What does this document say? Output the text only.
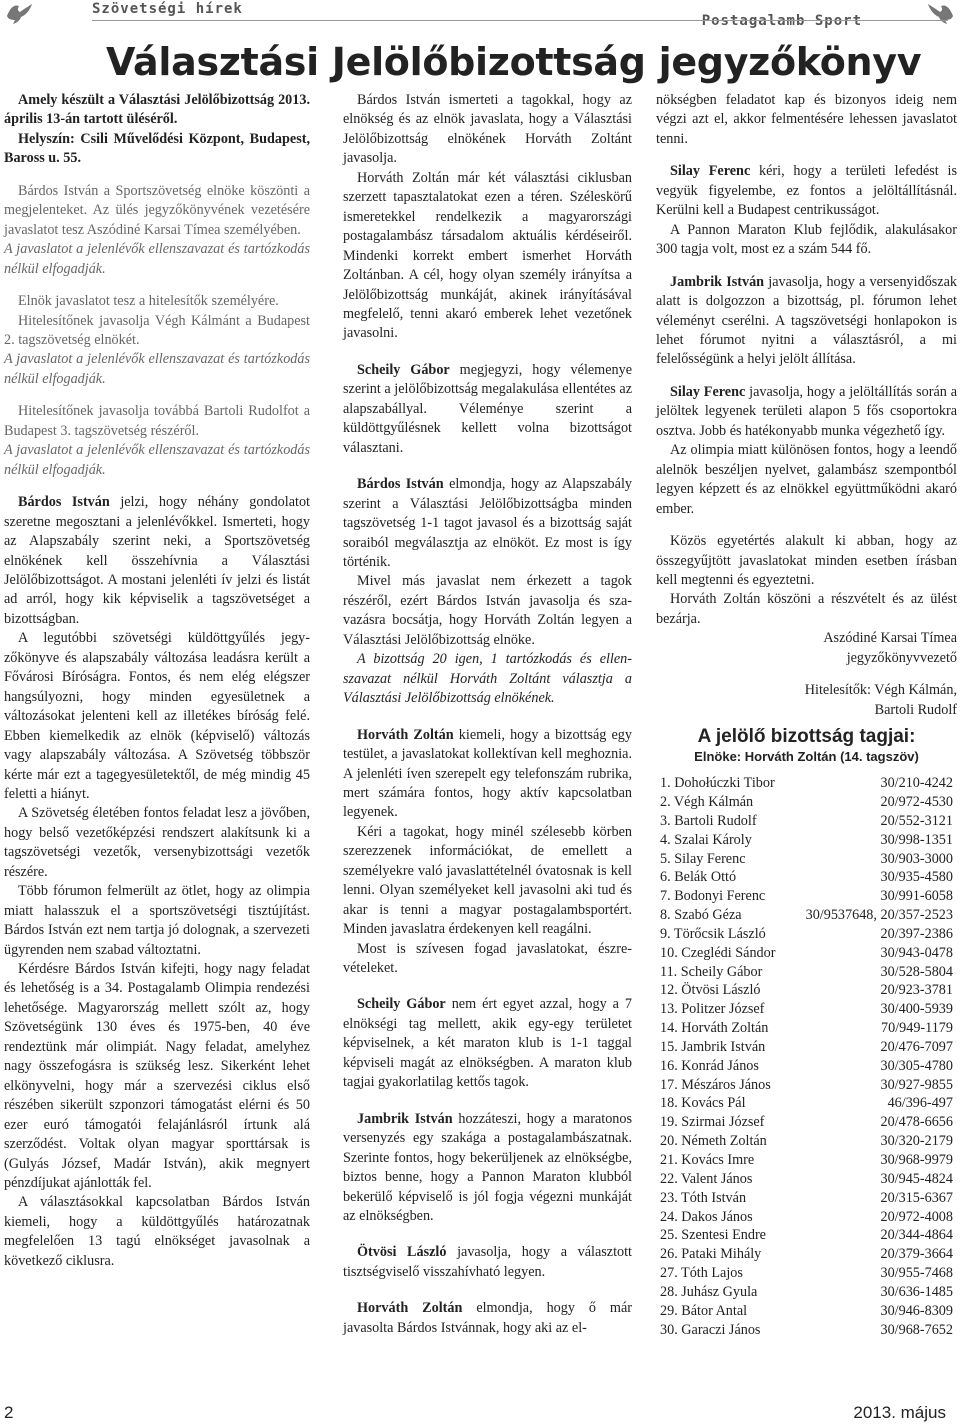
Szövetségi hírek
Postagalamb Sport
Választási Jelölőbizottság jegyzőkönyv

Amely készült a Választási Jelölőbizottság 2013. április 13-án tartott üléséről.

Helyszín: Csili Művelődési Központ, Budapest, Baross u. 55.

Bárdos István a Sportszövetség elnöke köszönti a megjelenteket. Az ülés jegyzőkönyvének vezetésére javaslatot tesz Aszódiné Karsai Tímea személyében.

A javaslatot a jelenlévők ellenszavazat és tartózkodás nélkül elfogadják.

Elnök javaslatot tesz a hitelesítők személyére.

Hitelesítőnek javasolja Végh Kálmánt a Budapest 2. tagszövetség elnökét.

A javaslatot a jelenlévők ellenszavazat és tartózkodás nélkül elfogadják.

Hitelesítőnek javasolja továbbá Bartoli Rudolfot a Budapest 3. tagszövetség részéről.

A javaslatot a jelenlévők ellenszavazat és tartózkodás nélkül elfogadják.

Bárdos István jelzi, hogy néhány gondolatot szeretne megosztani a jelenlévőkkel. Ismerteti, hogy az Alapszabály szerint neki, a Sportszövetség elnökének kell összehívnia a Választási Jelölőbizottságot. A mostani jelenléti ív jelzi és listát ad arról, hogy kik képviselik a tagszövetséget a bizottságban.

A legutóbbi szövetségi küldöttgyűlés jegyzőkönyve és alapszabály változása leadásra került a Fővárosi Bíróságra. Fontos, és nem elég elégszer hangsúlyozni, hogy minden egyesületnek a változásokat jelenteni kell az illetékes bíróság felé. Ebben kiemelkedik az elnök (képviselő) változás vagy alapszabály változása. A Szövetség többször kérte már ezt a tagegyesületektől, de még mindig 45 feletti a hiányt.

A Szövetség életében fontos feladat lesz a jövőben, hogy belső vezetőképzési rendszert alakítsunk ki a tagszövetségi vezetők, versenybizottsági vezetők részére.

Több fórumon felmerült az ötlet, hogy az olimpia miatt halasszuk el a sportszövetségi tisztújítást. Bárdos István ezt nem tartja jó dolognak, a szervezeti ügyrenden nem szabad változtatni.

Kérdésre Bárdos István kifejti, hogy nagy feladat és lehetőség is a 34. Postagalamb Olimpia rendezési lehetősége. Magyarország mellett szólt az, hogy Szövetségünk 130 éves és 1975-ben, 40 éve rendeztünk már olimpiát. Nagy feladat, amelyhez nagy összefogásra is szükség lesz. Sikerként lehet elkönyvelni, hogy már a szervezési ciklus első részében sikerült szponzori támogatást elérni és 50 ezer euró támogatói felajánlásról írtunk alá szerződést. Voltak olyan magyar sporttársak is (Gulyás József, Madár István), akik megnyert pénzdíjukat ajánlották fel.

A választásokkal kapcsolatban Bárdos István kiemeli, hogy a küldöttgyűlés határozatnak megfelelően 13 tagú elnökséget javasolnak a következő ciklusra.

Bárdos István ismerteti a tagokkal, hogy az elnökség és az elnök javaslata, hogy a Választási Jelölőbizottság elnökének Horváth Zoltánt javasolja.

Horváth Zoltán már két választási ciklusban szerzett tapasztalatokat ezen a téren. Széleskörű ismeretekkel rendelkezik a magyarországi postagalambász társadalom aktuális kérdéseiről. Mindenki korrekt embert ismerhet Horváth Zoltánban. A cél, hogy olyan személy irányítsa a Jelölőbizottság munkáját, akinek irányításával megfelelő, tenni akaró emberek lehet vezetőnek javasolni.

Scheily Gábor megjegyzi, hogy vélemenye szerint a jelölőbizottság megalakulása ellentétes az alapszabállyal. Véleménye szerint a küldöttgyűlésnek kellett volna bizottságot választani.

Bárdos István elmondja, hogy az Alapszabály szerint a Választási Jelölőbizottságba minden tagszövetség 1-1 tagot javasol és a bizottság saját soraiból megválasztja az elnököt. Ez most is így történik.

Mivel más javaslat nem érkezett a tagok részéről, ezért Bárdos István javasolja és szavazásra bocsátja, hogy Horváth Zoltán legyen a Választási Jelölőbizottság elnöke.

A bizottság 20 igen, 1 tartózkodás és ellenszavazat nélkül Horváth Zoltánt választja a Választási Jelölőbizottság elnökének.

Horváth Zoltán kiemeli, hogy a bizottság egy testület, a javaslatokat kollektívan kell meghoznia. A jelenléti íven szerepelt egy telefonszám rubrika, mert számára fontos, hogy aktív kapcsolatban legyenek.

Kéri a tagokat, hogy minél szélesebb körben szerezzenek információkat, de emellett a személyekre való javaslattételnél óvatosnak is kell lenni. Olyan személyeket kell javasolni aki tud és akar is tenni a magyar postagalambsportért. Minden javaslatra érdekenyen kell reagálni.

Most is szívesen fogad javaslatokat, észrevételeket.

Scheily Gábor nem ért egyet azzal, hogy a 7 elnökségi tag mellett, akik egy-egy területet képviselnek, a két maraton klub is 1-1 taggal képviseli magát az elnökségben. A maraton klub tagjai gyakorlatilag kettős tagok.

Jambrik István hozzáteszi, hogy a maratonos versenyzés egy szakága a postagalambászatnak. Szerinte fontos, hogy bekerüljenek az elnökségbe, biztos benne, hogy a Pannon Maraton klubból bekerülő képviselő is jól fogja végezni munkáját az elnökségben.

Ötvösi László javasolja, hogy a választott tisztségviselő visszahívható legyen.

Horváth Zoltán elmondja, hogy ő már javasolta Bárdos Istvánnak, hogy aki az el-

nökségben feladatot kap és bizonyos ideig nem végzi azt el, akkor felmentésére lehessen javaslatot tenni.

Silay Ferenc kéri, hogy a területi lefedést is vegyük figyelembe, ez fontos a jelöltállításnál. Kerülni kell a Budapest centrikusságot.

A Pannon Maraton Klub fejlődik, alakulásakor 300 tagja volt, most ez a szám 544 fő.

Jambrik István javasolja, hogy a versenyidőszak alatt is dolgozzon a bizottság, pl. fórumon lehet véleményt cserélni. A tagszövetségi honlapokon is lehet fórumot nyitni a választásról, a mi felelősségünk a helyi jelölt állítása.

Silay Ferenc javasolja, hogy a jelöltállítás során a jelöltek legyenek területi alapon 5 fős csoportokra osztva. Jobb és hatékonyabb munka végezhető így.

Az olimpia miatt különösen fontos, hogy a leendő alelnök beszéljen nyelvet, galambász szempontból legyen képzett és az elnökkel együttműködni akaró ember.

Közös egyetértés alakult ki abban, hogy az összegyűjtött javaslatokat minden esetben írásban kell megtenni és egyeztetni.

Horváth Zoltán köszöni a részvételt és az ülést bezárja.

Aszódiné Karsai Tímea

jegyzőkönyvvezető

Hitelesítők: Végh Kálmán,

Bartoli Rudolf

A jelölő bizottság tagjai:
Elnöke: Horváth Zoltán (14. tagszöv)
1. Dohołúczki Tibor	30/210-4242
2. Végh Kálmán	20/972-4530
3. Bartoli Rudolf	20/552-3121
4. Szalai Károly	30/998-1351
5. Silay Ferenc	30/903-3000
6. Belák Ottó	30/935-4580
7. Bodonyi Ferenc	30/991-6058
8. Szabó Géza	30/9537648, 20/357-2523
9. Törőcsik László	20/397-2386
10. Czeglédi Sándor	30/943-0478
11. Scheily Gábor	30/528-5804
12. Ötvösi László	20/923-3781
13. Politzer József	30/400-5939
14. Horváth Zoltán	70/949-1179
15. Jambrik István	20/476-7097
16. Konrád János	30/305-4780
17. Mészáros János	30/927-9855
18. Kovács Pál	46/396-497
19. Szirmai József	20/478-6656
20. Németh Zoltán	30/320-2179
21. Kovács Imre	30/968-9979
22. Valent János	30/945-4824
23. Tóth István	20/315-6367
24. Dakos János	20/972-4008
25. Szentesi Endre	20/344-4864
26. Pataki Mihály	20/379-3664
27. Tóth Lajos	30/955-7468
28. Juhász Gyula	30/636-1485
29. Bátor Antal	30/946-8309
30. Garaczi János	30/968-7652
2	2013. május
